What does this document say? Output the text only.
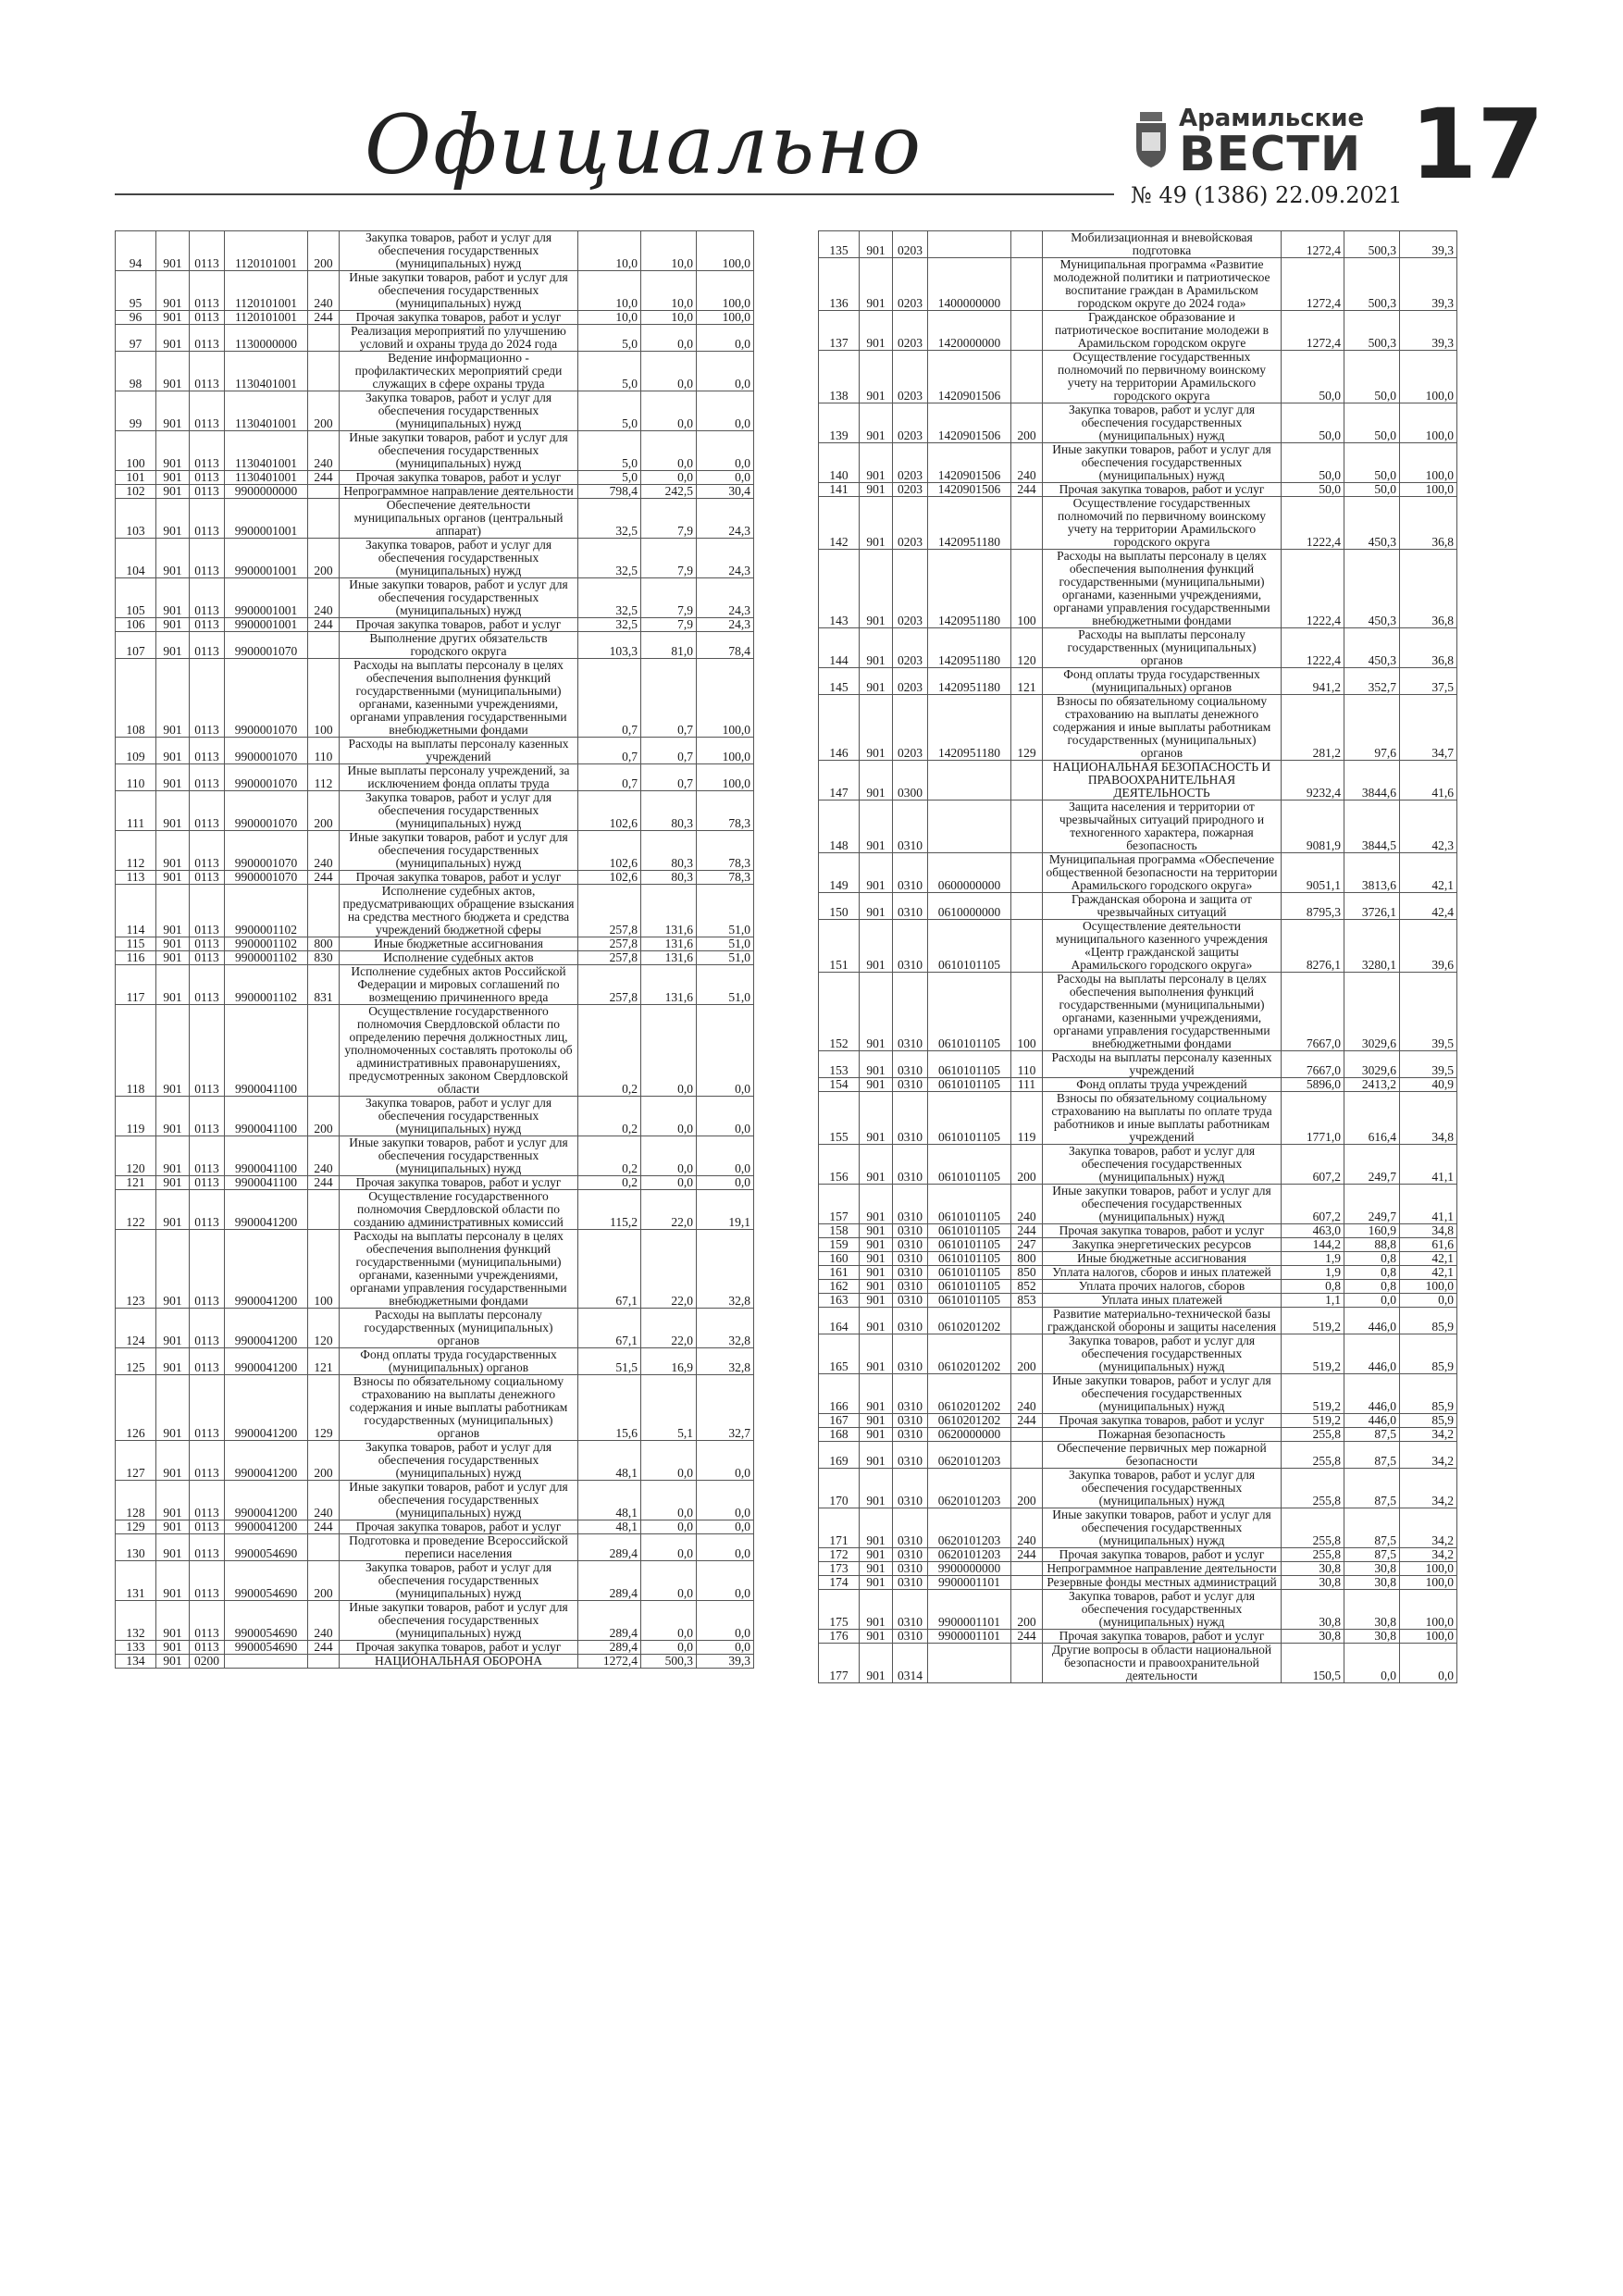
Официально	Арамильские
ВЕСТИ
№ 49 (1386) 22.09.2021 17
94	901	0113	1120101001	200	Закупка товаров, работ и услуг для обеспечения государственных (муниципальных) нужд	10,0	10,0	100,0
95	901	0113	1120101001	240	Иные закупки товаров, работ и услуг для обеспечения государственных (муниципальных) нужд	10,0	10,0	100,0
96	901	0113	1120101001	244	Прочая закупка товаров, работ и услуг	10,0	10,0	100,0
97	901	0113	1130000000		Реализация мероприятий по улучшению условий и охраны труда до 2024 года	5,0	0,0	0,0
98	901	0113	1130401001		Ведение информационно - профилактических мероприятий среди служащих в сфере охраны труда	5,0	0,0	0,0
99	901	0113	1130401001	200	Закупка товаров, работ и услуг для обеспечения государственных (муниципальных) нужд	5,0	0,0	0,0
100	901	0113	1130401001	240	Иные закупки товаров, работ и услуг для обеспечения государственных (муниципальных) нужд	5,0	0,0	0,0
101	901	0113	1130401001	244	Прочая закупка товаров, работ и услуг	5,0	0,0	0,0
102	901	0113	9900000000		Непрограммное направление деятельности	798,4	242,5	30,4
103	901	0113	9900001001		Обеспечение деятельности муниципальных органов (центральный аппарат)	32,5	7,9	24,3
104	901	0113	9900001001	200	Закупка товаров, работ и услуг для обеспечения государственных (муниципальных) нужд	32,5	7,9	24,3
105	901	0113	9900001001	240	Иные закупки товаров, работ и услуг для обеспечения государственных (муниципальных) нужд	32,5	7,9	24,3
106	901	0113	9900001001	244	Прочая закупка товаров, работ и услуг	32,5	7,9	24,3
107	901	0113	9900001070		Выполнение других обязательств городского округа	103,3	81,0	78,4
108	901	0113	9900001070	100	Расходы на выплаты персоналу в целях обеспечения выполнения функций государственными (муниципальными) органами, казенными учреждениями, органами управления государственными внебюджетными фондами	0,7	0,7	100,0
109	901	0113	9900001070	110	Расходы на выплаты персоналу казенных учреждений	0,7	0,7	100,0
110	901	0113	9900001070	112	Иные выплаты персоналу учреждений, за исключением фонда оплаты труда	0,7	0,7	100,0
111	901	0113	9900001070	200	Закупка товаров, работ и услуг для обеспечения государственных (муниципальных) нужд	102,6	80,3	78,3
112	901	0113	9900001070	240	Иные закупки товаров, работ и услуг для обеспечения государственных (муниципальных) нужд	102,6	80,3	78,3
113	901	0113	9900001070	244	Прочая закупка товаров, работ и услуг	102,6	80,3	78,3
114	901	0113	9900001102		Исполнение судебных актов, предусматривающих обращение взыскания на средства местного бюджета и средства учреждений бюджетной сферы	257,8	131,6	51,0
115	901	0113	9900001102	800	Иные бюджетные ассигнования	257,8	131,6	51,0
116	901	0113	9900001102	830	Исполнение судебных актов	257,8	131,6	51,0
117	901	0113	9900001102	831	Исполнение судебных актов Российской Федерации и мировых соглашений по возмещению причиненного вреда	257,8	131,6	51,0
118	901	0113	9900041100		Осуществление государственного полномочия Свердловской области по определению перечня должностных лиц, уполномоченных составлять протоколы об административных правонарушениях, предусмотренных законом Свердловской области	0,2	0,0	0,0
119	901	0113	9900041100	200	Закупка товаров, работ и услуг для обеспечения государственных (муниципальных) нужд	0,2	0,0	0,0
120	901	0113	9900041100	240	Иные закупки товаров, работ и услуг для обеспечения государственных (муниципальных) нужд	0,2	0,0	0,0
121	901	0113	9900041100	244	Прочая закупка товаров, работ и услуг	0,2	0,0	0,0
122	901	0113	9900041200		Осуществление государственного полномочия Свердловской области по созданию административных комиссий	115,2	22,0	19,1
123	901	0113	9900041200	100	Расходы на выплаты персоналу в целях обеспечения выполнения функций государственными (муниципальными) органами, казенными учреждениями, органами управления государственными внебюджетными фондами	67,1	22,0	32,8
124	901	0113	9900041200	120	Расходы на выплаты персоналу государственных (муниципальных) органов	67,1	22,0	32,8
125	901	0113	9900041200	121	Фонд оплаты труда государственных (муниципальных) органов	51,5	16,9	32,8
126	901	0113	9900041200	129	Взносы по обязательному социальному страхованию на выплаты денежного содержания и иные выплаты работникам государственных (муниципальных) органов	15,6	5,1	32,7
127	901	0113	9900041200	200	Закупка товаров, работ и услуг для обеспечения государственных (муниципальных) нужд	48,1	0,0	0,0
128	901	0113	9900041200	240	Иные закупки товаров, работ и услуг для обеспечения государственных (муниципальных) нужд	48,1	0,0	0,0
129	901	0113	9900041200	244	Прочая закупка товаров, работ и услуг	48,1	0,0	0,0
130	901	0113	9900054690		Подготовка и проведение Всероссийской переписи населения	289,4	0,0	0,0
131	901	0113	9900054690	200	Закупка товаров, работ и услуг для обеспечения государственных (муниципальных) нужд	289,4	0,0	0,0
132	901	0113	9900054690	240	Иные закупки товаров, работ и услуг для обеспечения государственных (муниципальных) нужд	289,4	0,0	0,0
133	901	0113	9900054690	244	Прочая закупка товаров, работ и услуг	289,4	0,0	0,0
134	901	0200			НАЦИОНАЛЬНАЯ ОБОРОНА	1272,4	500,3	39,3
135	901	0203			Мобилизационная и вневойсковая подготовка	1272,4	500,3	39,3
136	901	0203	1400000000		Муниципальная программа «Развитие молодежной политики и патриотическое воспитание граждан в Арамильском городском округе до 2024 года»	1272,4	500,3	39,3
137	901	0203	1420000000		Гражданское образование и патриотическое воспитание молодежи в Арамильском городском округе	1272,4	500,3	39,3
138	901	0203	1420901506		Осуществление государственных полномочий по первичному воинскому учету на территории Арамильского городского округа	50,0	50,0	100,0
139	901	0203	1420901506	200	Закупка товаров, работ и услуг для обеспечения государственных (муниципальных) нужд	50,0	50,0	100,0
140	901	0203	1420901506	240	Иные закупки товаров, работ и услуг для обеспечения государственных (муниципальных) нужд	50,0	50,0	100,0
141	901	0203	1420901506	244	Прочая закупка товаров, работ и услуг	50,0	50,0	100,0
142	901	0203	1420951180		Осуществление государственных полномочий по первичному воинскому учету на территории Арамильского городского округа	1222,4	450,3	36,8
143	901	0203	1420951180	100	Расходы на выплаты персоналу в целях обеспечения выполнения функций государственными (муниципальными) органами, казенными учреждениями, органами управления государственными внебюджетными фондами	1222,4	450,3	36,8
144	901	0203	1420951180	120	Расходы на выплаты персоналу государственных (муниципальных) органов	1222,4	450,3	36,8
145	901	0203	1420951180	121	Фонд оплаты труда государственных (муниципальных) органов	941,2	352,7	37,5
146	901	0203	1420951180	129	Взносы по обязательному социальному страхованию на выплаты денежного содержания и иные выплаты работникам государственных (муниципальных) органов	281,2	97,6	34,7
147	901	0300			НАЦИОНАЛЬНАЯ БЕЗОПАСНОСТЬ И ПРАВООХРАНИТЕЛЬНАЯ ДЕЯТЕЛЬНОСТЬ	9232,4	3844,6	41,6
148	901	0310			Защита населения и территории от чрезвычайных ситуаций природного и техногенного характера, пожарная безопасность	9081,9	3844,5	42,3
149	901	0310	0600000000		Муниципальная программа «Обеспечение общественной безопасности на территории Арамильского городского округа»	9051,1	3813,6	42,1
150	901	0310	0610000000		Гражданская оборона и защита от чрезвычайных ситуаций	8795,3	3726,1	42,4
151	901	0310	0610101105		Осуществление деятельности муниципального казенного учреждения «Центр гражданской защиты Арамильского городского округа»	8276,1	3280,1	39,6
152	901	0310	0610101105	100	Расходы на выплаты персоналу в целях обеспечения выполнения функций государственными (муниципальными) органами, казенными учреждениями, органами управления государственными внебюджетными фондами	7667,0	3029,6	39,5
153	901	0310	0610101105	110	Расходы на выплаты персоналу казенных учреждений	7667,0	3029,6	39,5
154	901	0310	0610101105	111	Фонд оплаты труда учреждений	5896,0	2413,2	40,9
155	901	0310	0610101105	119	Взносы по обязательному социальному страхованию на выплаты по оплате труда работников и иные выплаты работникам учреждений	1771,0	616,4	34,8
156	901	0310	0610101105	200	Закупка товаров, работ и услуг для обеспечения государственных (муниципальных) нужд	607,2	249,7	41,1
157	901	0310	0610101105	240	Иные закупки товаров, работ и услуг для обеспечения государственных (муниципальных) нужд	607,2	249,7	41,1
158	901	0310	0610101105	244	Прочая закупка товаров, работ и услуг	463,0	160,9	34,8
159	901	0310	0610101105	247	Закупка энергетических ресурсов	144,2	88,8	61,6
160	901	0310	0610101105	800	Иные бюджетные ассигнования	1,9	0,8	42,1
161	901	0310	0610101105	850	Уплата налогов, сборов и иных платежей	1,9	0,8	42,1
162	901	0310	0610101105	852	Уплата прочих налогов, сборов	0,8	0,8	100,0
163	901	0310	0610101105	853	Уплата иных платежей	1,1	0,0	0,0
164	901	0310	0610201202		Развитие материально-технической базы гражданской обороны и защиты населения	519,2	446,0	85,9
165	901	0310	0610201202	200	Закупка товаров, работ и услуг для обеспечения государственных (муниципальных) нужд	519,2	446,0	85,9
166	901	0310	0610201202	240	Иные закупки товаров, работ и услуг для обеспечения государственных (муниципальных) нужд	519,2	446,0	85,9
167	901	0310	0610201202	244	Прочая закупка товаров, работ и услуг	519,2	446,0	85,9
168	901	0310	0620000000		Пожарная безопасность	255,8	87,5	34,2
169	901	0310	0620101203		Обеспечение первичных мер пожарной безопасности	255,8	87,5	34,2
170	901	0310	0620101203	200	Закупка товаров, работ и услуг для обеспечения государственных (муниципальных) нужд	255,8	87,5	34,2
171	901	0310	0620101203	240	Иные закупки товаров, работ и услуг для обеспечения государственных (муниципальных) нужд	255,8	87,5	34,2
172	901	0310	0620101203	244	Прочая закупка товаров, работ и услуг	255,8	87,5	34,2
173	901	0310	9900000000		Непрограммное направление деятельности	30,8	30,8	100,0
174	901	0310	9900001101		Резервные фонды местных администраций	30,8	30,8	100,0
175	901	0310	9900001101	200	Закупка товаров, работ и услуг для обеспечения государственных (муниципальных) нужд	30,8	30,8	100,0
176	901	0310	9900001101	244	Прочая закупка товаров, работ и услуг	30,8	30,8	100,0
177	901	0314			Другие вопросы в области национальной безопасности и правоохранительной деятельности	150,5	0,0	0,0
